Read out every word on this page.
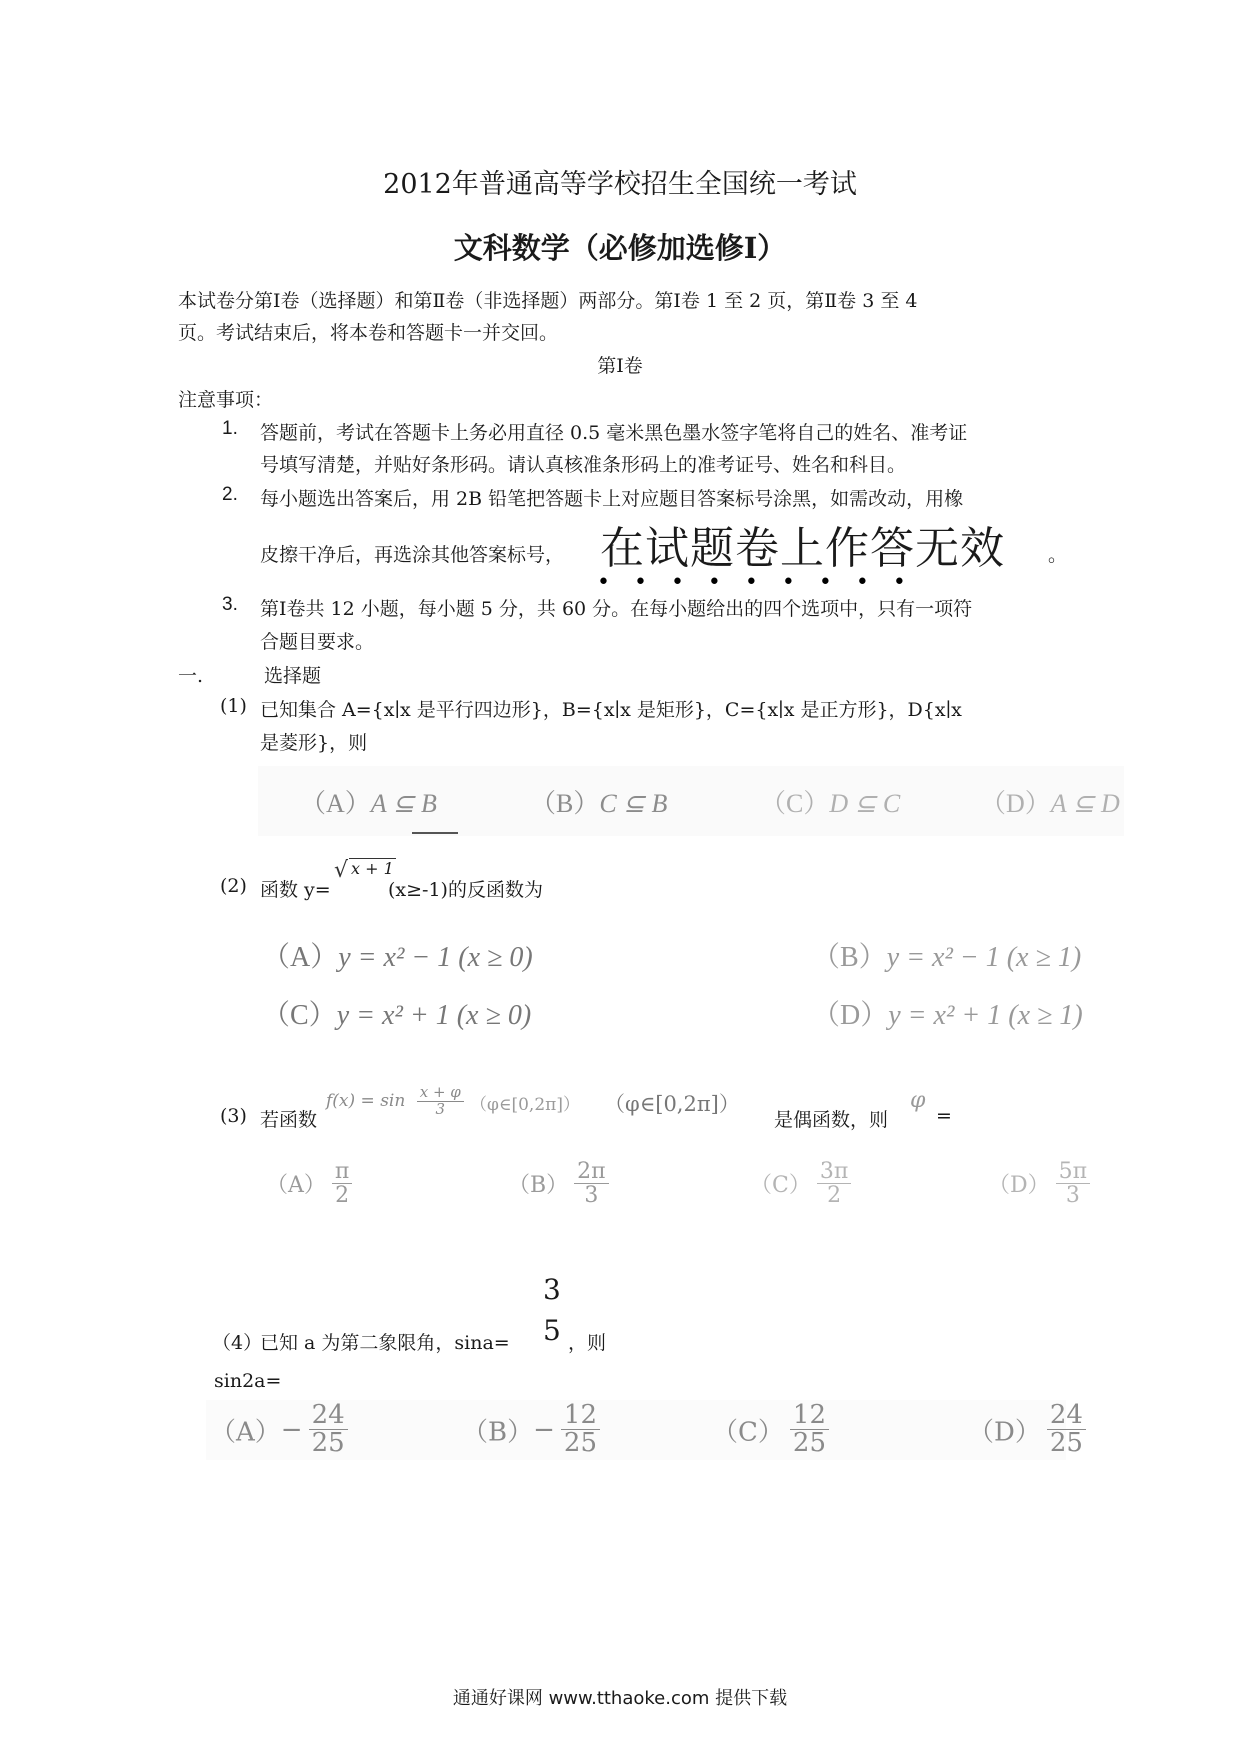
2012年普通高等学校招生全国统一考试
文科数学（必修加选修Ⅰ）
本试卷分第Ⅰ卷（选择题）和第Ⅱ卷（非选择题）两部分。第Ⅰ卷 1 至 2 页，第Ⅱ卷 3 至 4
页。考试结束后，将本卷和答题卡一并交回。
第Ⅰ卷
注意事项：
1. 答题前，考试在答题卡上务必用直径 0.5 毫米黑色墨水签字笔将自己的姓名、准考证
号填写清楚，并贴好条形码。请认真核准条形码上的准考证号、姓名和科目。
2. 每小题选出答案后，用 2B 铅笔把答题卡上对应题目答案标号涂黑，如需改动，用橡
皮擦干净后，再选涂其他答案标号， 在试题卷上作答无效 。
•••••••••
3. 第Ⅰ卷共 12 小题，每小题 5 分，共 60 分。在每小题给出的四个选项中，只有一项符
合题目要求。
一.	选择题
(1) 已知集合 A={x∣x 是平行四边形}，B={x∣x 是矩形}，C={x∣x 是正方形}，D{x∣x
是菱形}，则
（A）A ⊆ B	（B）C ⊆ B	（C）D ⊆ C	（D）A ⊆ D
(2) 函数 y=
√ x + 1
(x≥-1)的反函数为
（A）y = x² − 1 (x ≥ 0)	（B）y = x² − 1 (x ≥ 1)
（C）y = x² + 1 (x ≥ 0)	（D）y = x² + 1 (x ≥ 1)
(3) 若函数
$f(x) = \sin \frac{x + \varphi}{3}$ （φ∈[0,2π]） （φ∈[0,2π]）
是偶函数，则
φ
=
$(A) \frac{\pi}{2}$	$(B) \frac{2\pi}{3}$	$(C) \frac{3\pi}{2}$	$(D) \frac{5\pi}{3}$
（4）
已知 a 为第二象限角，sina=
3
5 ，则
sin2a=
$(A)- \frac{24}{25}$	$(B)- \frac{12}{25}$	$(C) \frac{12}{25}$	$(D) \frac{24}{25}$
通通好课网 www.tthaoke.com 提供下载
